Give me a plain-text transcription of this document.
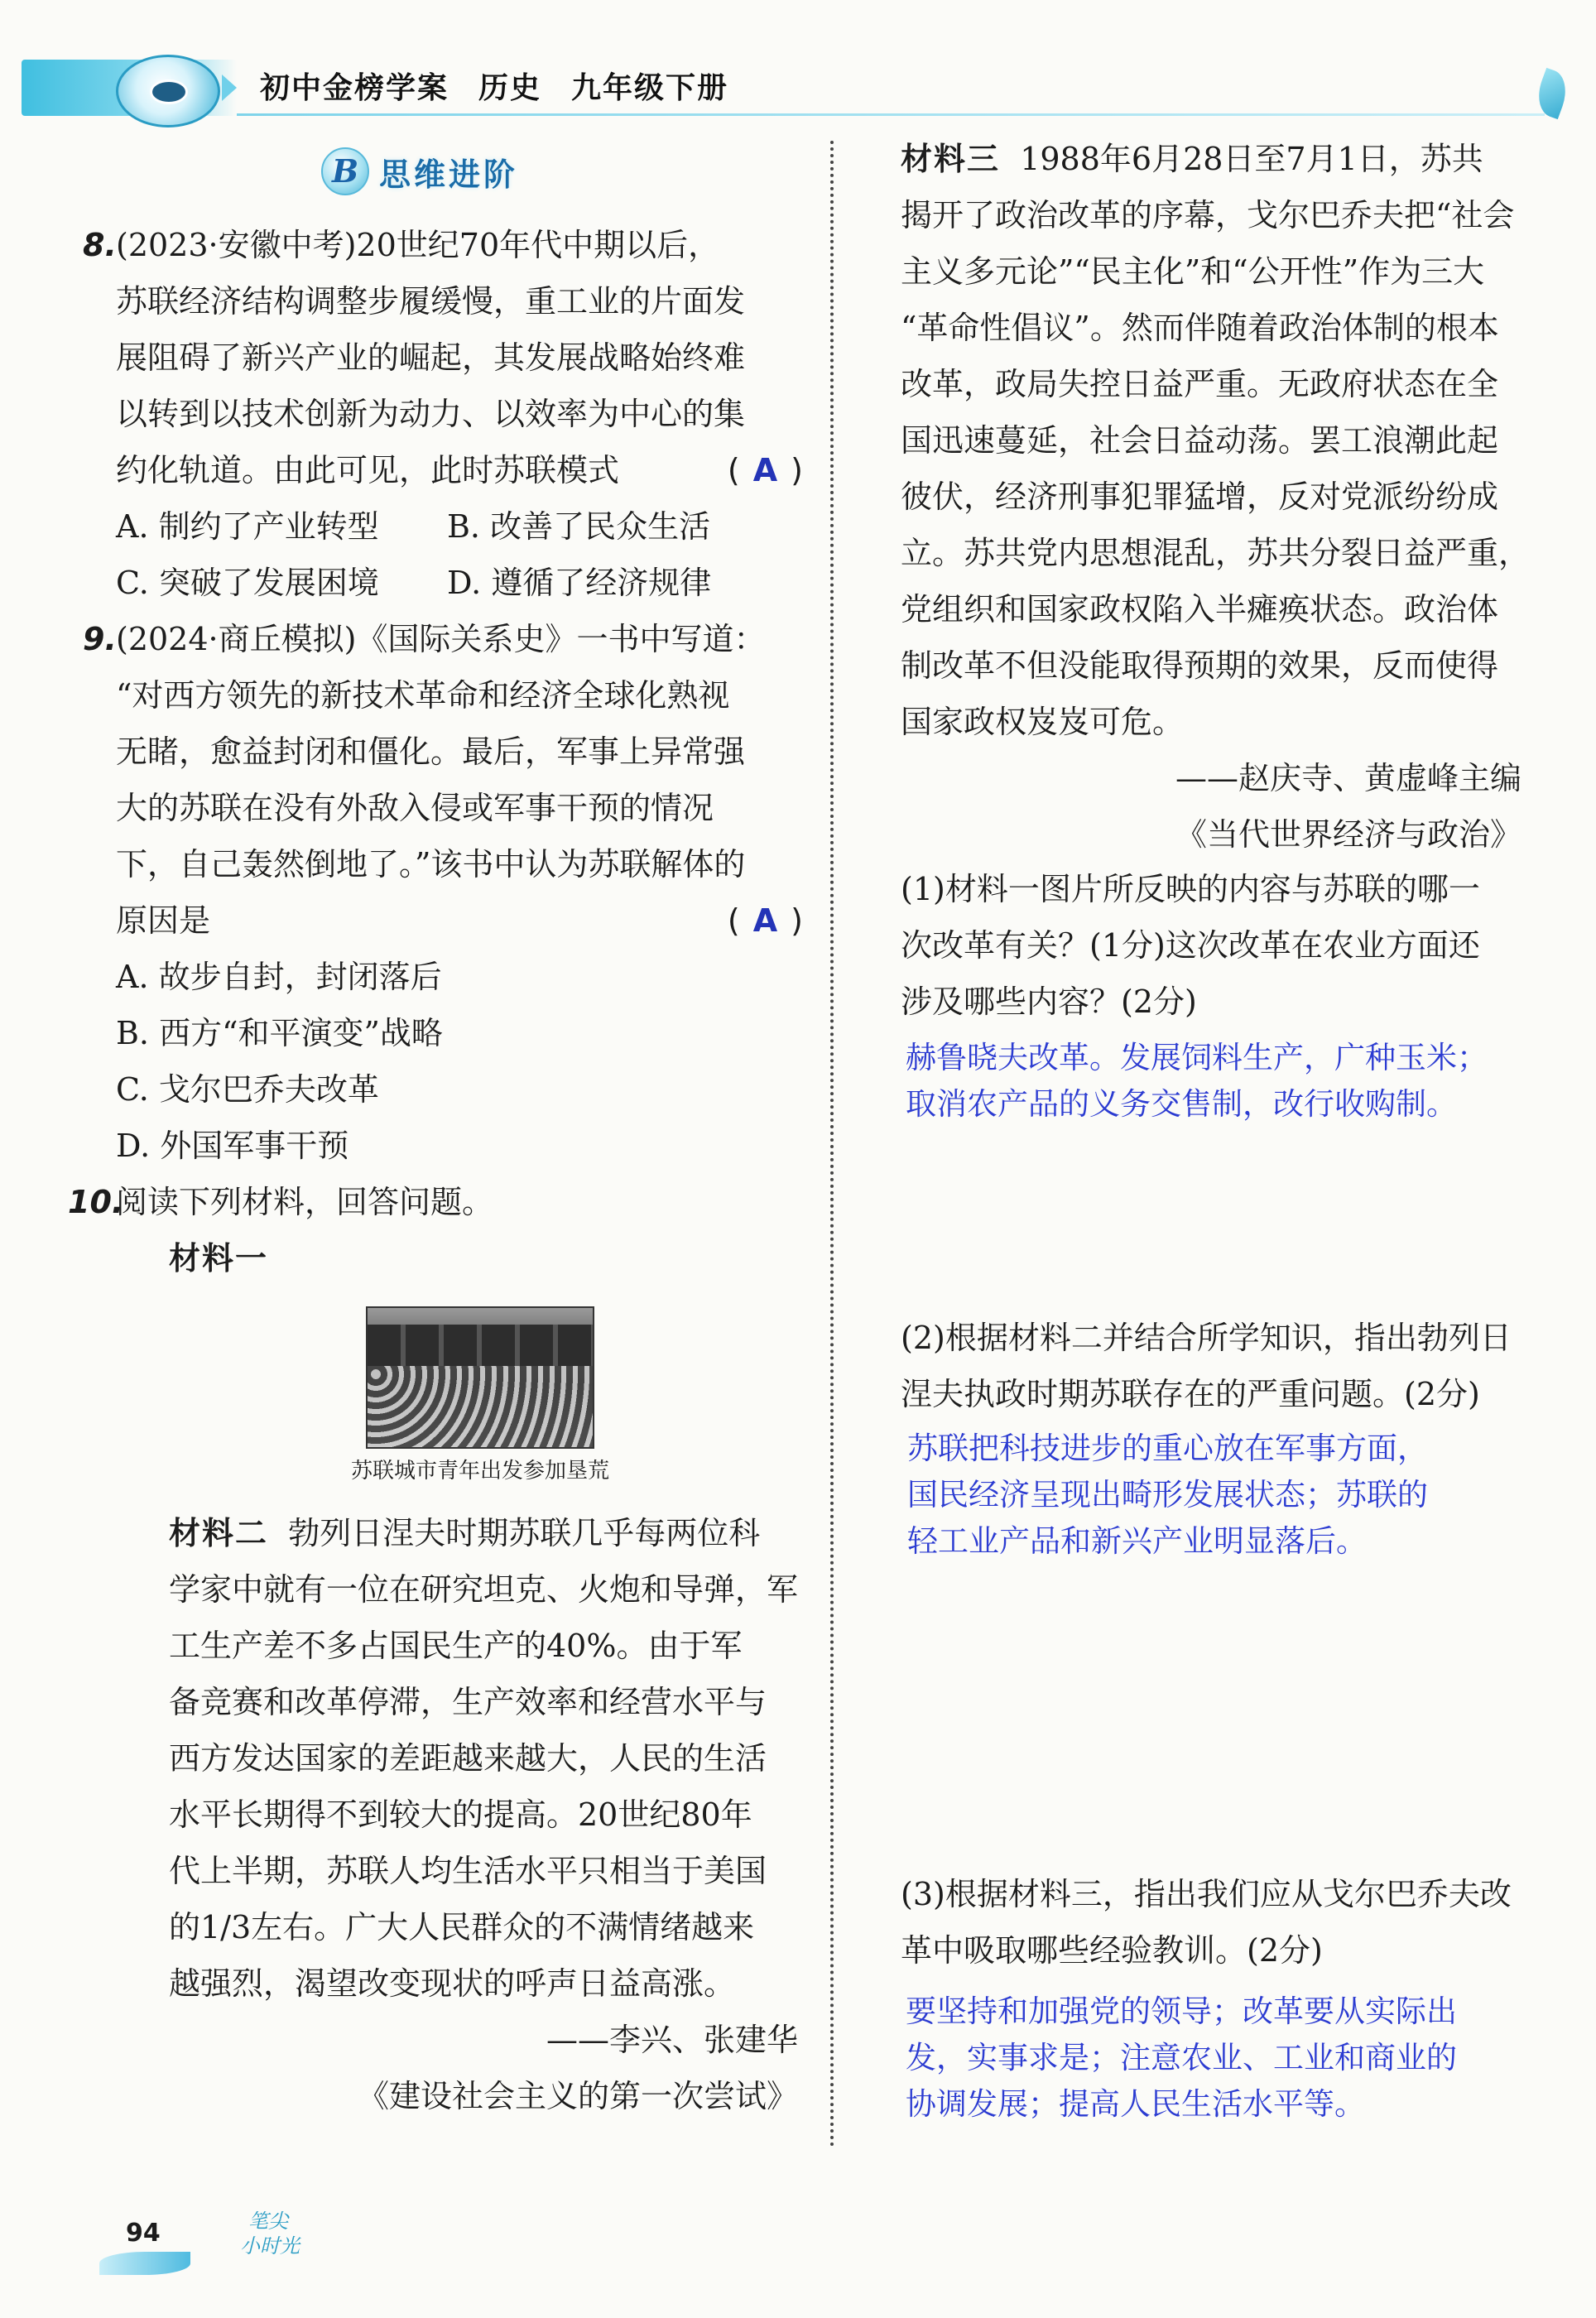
初中金榜学案 历史 九年级下册
B 思维进阶
8. (2023·安徽中考)20世纪70年代中期以后，
苏联经济结构调整步履缓慢，重工业的片面发
展阻碍了新兴产业的崛起，其发展战略始终难
以转到以技术创新为动力、以效率为中心的集
约化轨道。由此可见，此时苏联模式	( A )
A. 制约了产业转型 B. 改善了民众生活
C. 突破了发展困境 D. 遵循了经济规律
9. (2024·商丘模拟)《国际关系史》一书中写道：
“对西方领先的新技术革命和经济全球化熟视
无睹，愈益封闭和僵化。最后，军事上异常强
大的苏联在没有外敌入侵或军事干预的情况
下，自己轰然倒地了。”该书中认为苏联解体的
原因是	( A )
A. 故步自封，封闭落后
B. 西方“和平演变”战略
C. 戈尔巴乔夫改革
D. 外国军事干预
10.
阅读下列材料，回答问题。
材料一
苏联城市青年出发参加垦荒
材料二 勃列日涅夫时期苏联几乎每两位科
学家中就有一位在研究坦克、火炮和导弹，军
工生产差不多占国民生产的40%。由于军
备竞赛和改革停滞，生产效率和经营水平与
西方发达国家的差距越来越大，人民的生活
水平长期得不到较大的提高。20世纪80年
代上半期，苏联人均生活水平只相当于美国
的1/3左右。广大人民群众的不满情绪越来
越强烈，渴望改变现状的呼声日益高涨。
——李兴、张建华
《建设社会主义的第一次尝试》
材料三 1988年6月28日至7月1日，苏共
揭开了政治改革的序幕，戈尔巴乔夫把“社会
主义多元论”“民主化”和“公开性”作为三大
“革命性倡议”。然而伴随着政治体制的根本
改革，政局失控日益严重。无政府状态在全
国迅速蔓延，社会日益动荡。罢工浪潮此起
彼伏，经济刑事犯罪猛增，反对党派纷纷成
立。苏共党内思想混乱，苏共分裂日益严重，
党组织和国家政权陷入半瘫痪状态。政治体
制改革不但没能取得预期的效果，反而使得
国家政权岌岌可危。
——赵庆寺、黄虚峰主编
《当代世界经济与政治》
(1)材料一图片所反映的内容与苏联的哪一
次改革有关？(1分)这次改革在农业方面还
涉及哪些内容？(2分)
赫鲁晓夫改革。发展饲料生产，广种玉米；
取消农产品的义务交售制，改行收购制。
(2)根据材料二并结合所学知识，指出勃列日
涅夫执政时期苏联存在的严重问题。(2分)
苏联把科技进步的重心放在军事方面，
国民经济呈现出畸形发展状态；苏联的
轻工业产品和新兴产业明显落后。
(3)根据材料三，指出我们应从戈尔巴乔夫改
革中吸取哪些经验教训。(2分)
要坚持和加强党的领导；改革要从实际出
发，实事求是；注意农业、工业和商业的
协调发展；提高人民生活水平等。
94	笔尖
小时光
